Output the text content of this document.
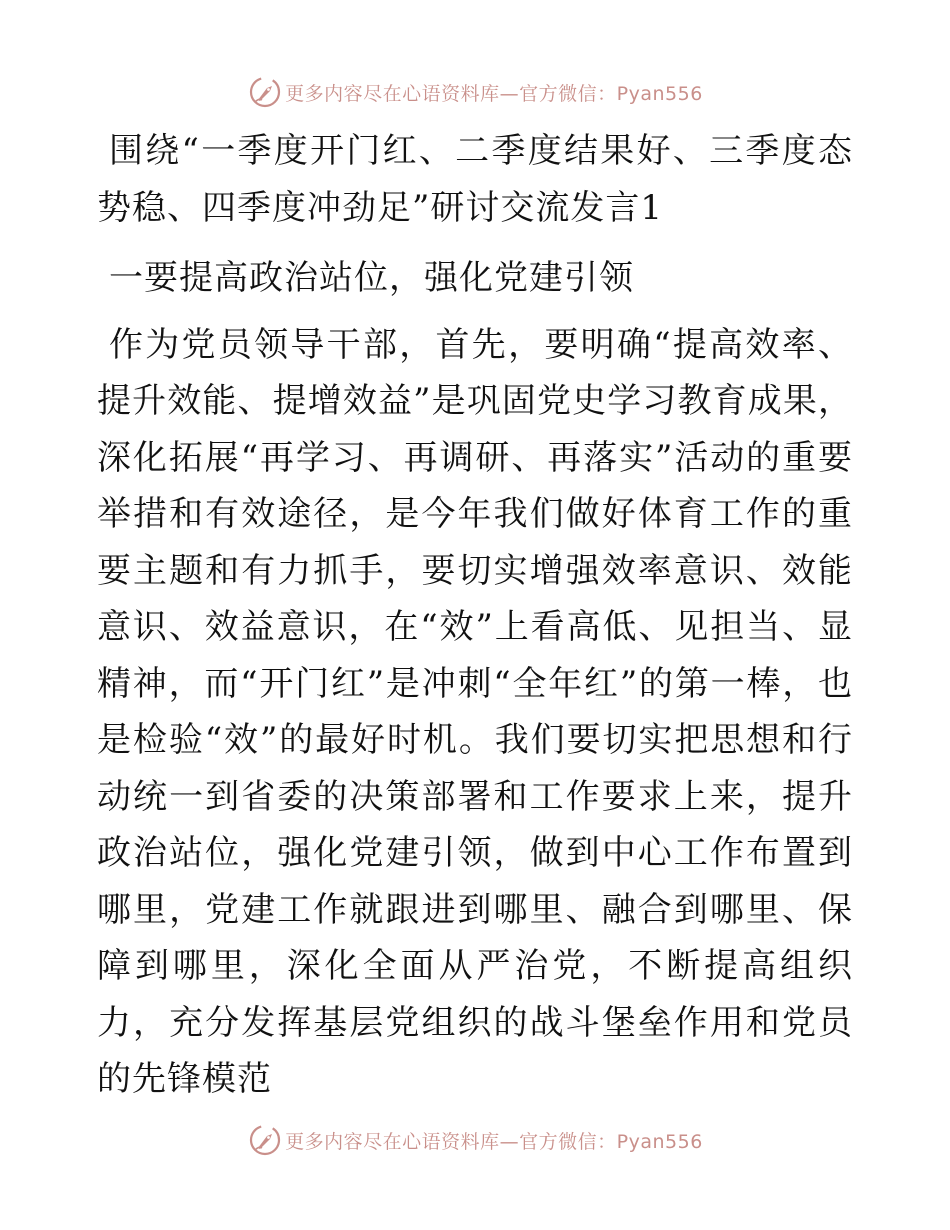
更多内容尽在心语资料库—官方微信：Pyan556

围绕“一季度开门红、二季度结果好、三季度态势稳、四季度冲劲足”研讨交流发言1

一要提高政治站位，强化党建引领

作为党员领导干部，首先，要明确“提高效率、提升效能、提增效益”是巩固党史学习教育成果，深化拓展“再学习、再调研、再落实”活动的重要举措和有效途径，是今年我们做好体育工作的重要主题和有力抓手，要切实增强效率意识、效能意识、效益意识，在“效”上看高低、见担当、显精神，而“开门红”是冲刺“全年红”的第一棒，也是检验“效”的最好时机。我们要切实把思想和行动统一到省委的决策部署和工作要求上来，提升政治站位，强化党建引领，做到中心工作布置到哪里，党建工作就跟进到哪里、融合到哪里、保障到哪里，深化全面从严治党，不断提高组织力，充分发挥基层党组织的战斗堡垒作用和党员的先锋模范

更多内容尽在心语资料库—官方微信：Pyan556
